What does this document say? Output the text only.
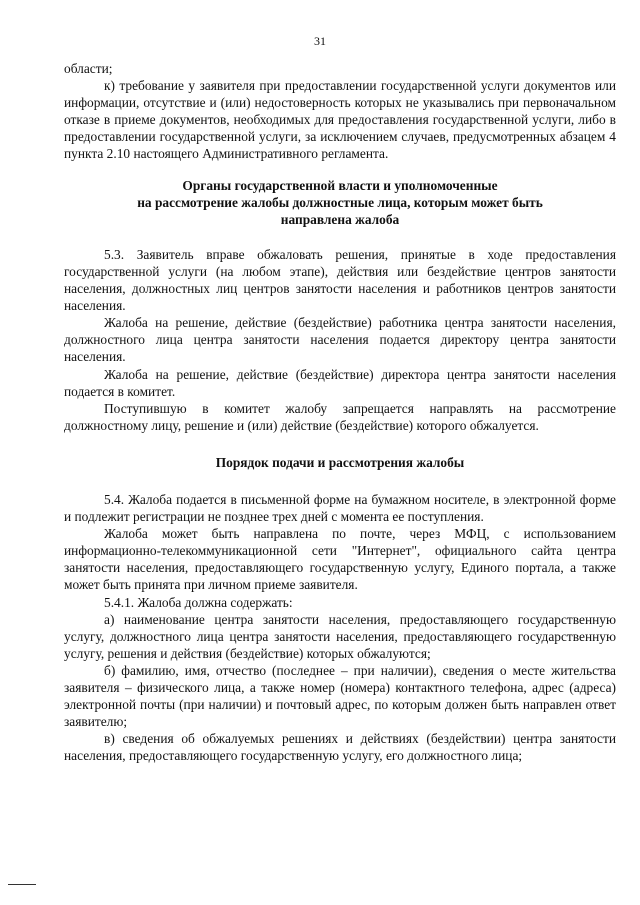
31

области;

к) требование у заявителя при предоставлении государственной услуги документов или информации, отсутствие и (или) недостоверность которых не указывались при первоначальном отказе в приеме документов, необходимых для предоставления государственной услуги, либо в предоставлении государственной услуги, за исключением случаев, предусмотренных абзацем 4 пункта 2.10 настоящего Административного регламента.

Органы государственной власти и уполномоченные
на рассмотрение жалобы должностные лица, которым может быть
направлена жалоба

5.3. Заявитель вправе обжаловать решения, принятые в ходе предоставления государственной услуги (на любом этапе), действия или бездействие центров занятости населения, должностных лиц центров занятости населения и работников центров занятости населения.

Жалоба на решение, действие (бездействие) работника центра занятости населения, должностного лица центра занятости населения подается директору центра занятости населения.

Жалоба на решение, действие (бездействие) директора центра занятости населения подается в комитет.

Поступившую в комитет жалобу запрещается направлять на рассмотрение должностному лицу, решение и (или) действие (бездействие) которого обжалуется.

Порядок подачи и рассмотрения жалобы

5.4. Жалоба подается в письменной форме на бумажном носителе, в электронной форме и подлежит регистрации не позднее трех дней с момента ее поступления.

Жалоба может быть направлена по почте, через МФЦ, с использованием информационно-телекоммуникационной сети "Интернет", официального сайта центра занятости населения, предоставляющего государственную услугу, Единого портала, а также может быть принята при личном приеме заявителя.

5.4.1. Жалоба должна содержать:

а) наименование центра занятости населения, предоставляющего государственную услугу, должностного лица центра занятости населения, предоставляющего государственную услугу, решения и действия (бездействие) которых обжалуются;

б) фамилию, имя, отчество (последнее – при наличии), сведения о месте жительства заявителя – физического лица, а также номер (номера) контактного телефона, адрес (адреса) электронной почты (при наличии) и почтовый адрес, по которым должен быть направлен ответ заявителю;

в) сведения об обжалуемых решениях и действиях (бездействии) центра занятости населения, предоставляющего государственную услугу, его должностного лица;
